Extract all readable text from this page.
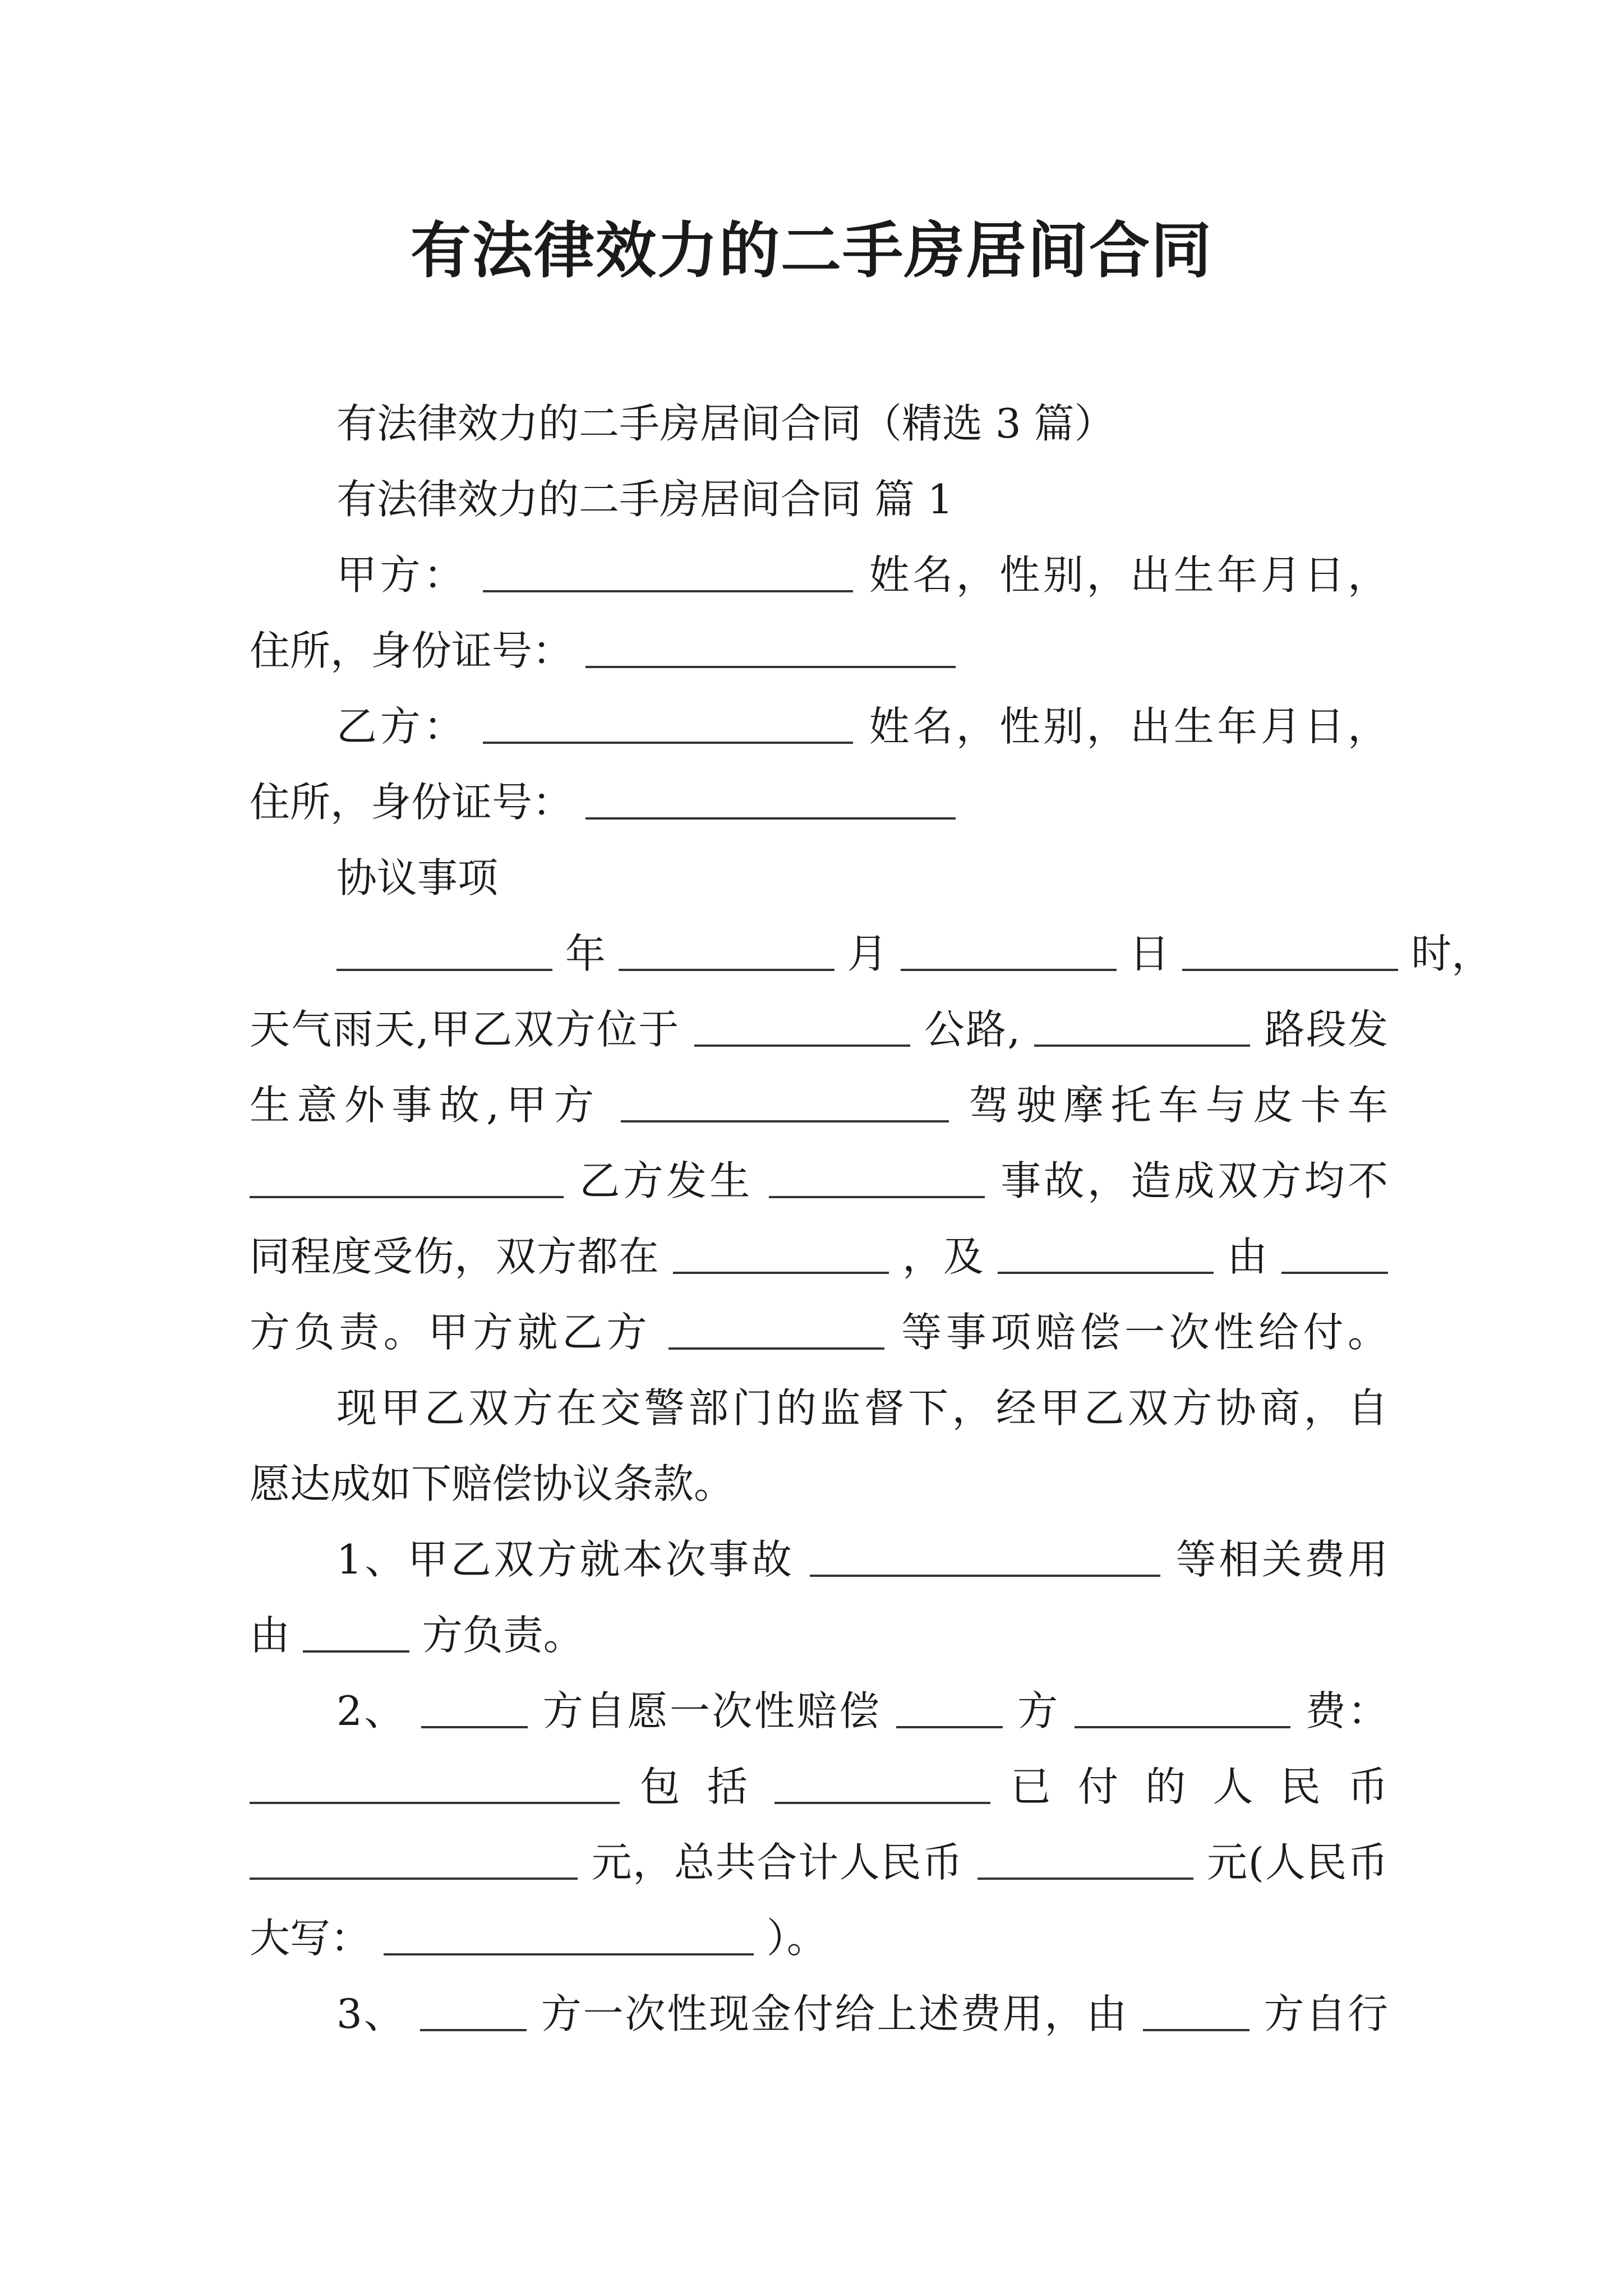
有法律效力的二手房居间合同
有法律效力的二手房居间合同（精选 3 篇）
有法律效力的二手房居间合同 篇 1
甲方：	姓名，性别，出生年月日，
住所，身份证号：
乙方：	姓名，性别，出生年月日，
住所，身份证号：
协议事项
年	月	日	时，
天气雨天,甲乙双方位于	公路,	路段发
生意外事故,甲方	驾驶摩托车与皮卡车
乙方发生	事故，造成双方均不
同程度受伤，双方都在	，及	由
方负责。甲方就乙方	等事项赔偿一次性给付。
现甲乙双方在交警部门的监督下，经甲乙双方协商，自
愿达成如下赔偿协议条款。
1、甲乙双方就本次事故	等相关费用
由	方负责。
2、	方自愿一次性赔偿	方	费：
包 括	已 付 的 人 民 币
元，总共合计人民币	元(人民币
大写：	）。
3、	方一次性现金付给上述费用，由	方自行
